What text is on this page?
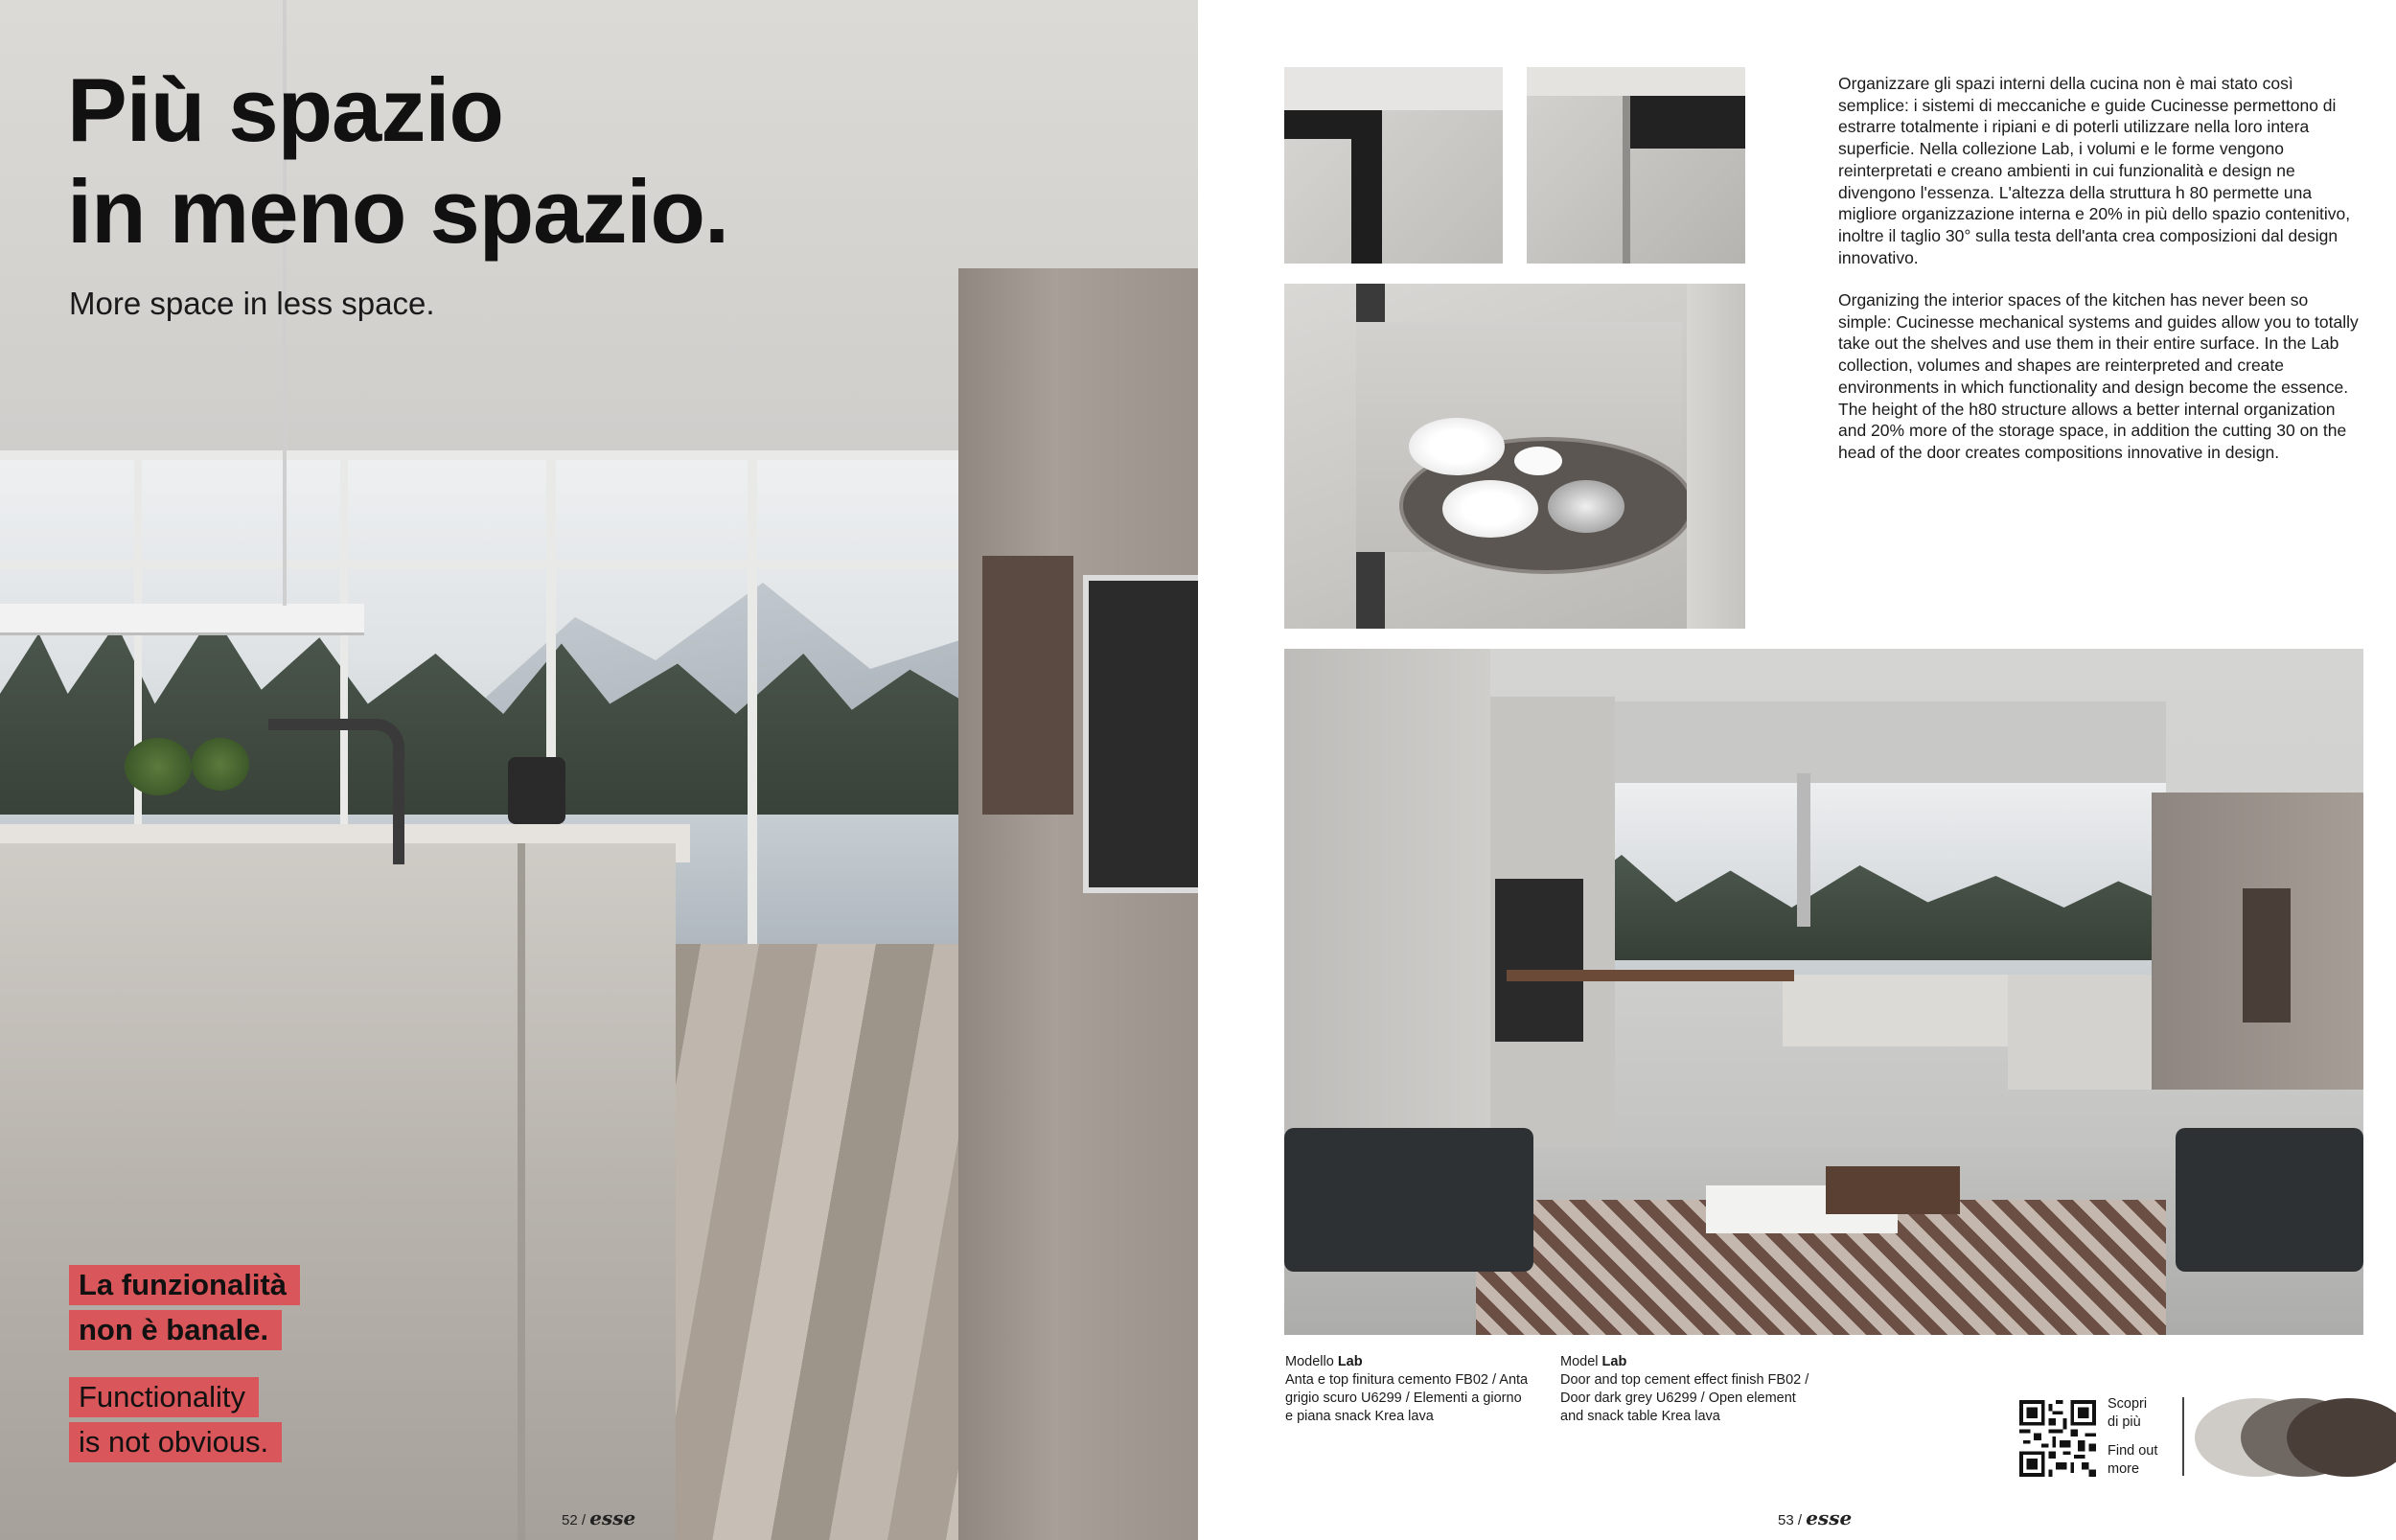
Più spazio
in meno spazio.
More space in less space.
La funzionalità
non è banale.
Functionality
is not obvious.
52 / esse
Organizzare gli spazi interni della cucina non è mai stato così semplice: i sistemi di meccaniche e guide Cucinesse permettono di estrarre totalmente i ripiani e di poterli utilizzare nella loro intera superficie. Nella collezione Lab, i volumi e le forme vengono reinterpretati e creano ambienti in cui funzionalità e design ne divengono l'essenza. L'altezza della struttura h 80 permette una migliore organizzazione interna e 20% in più dello spazio contenitivo, inoltre il taglio 30° sulla testa dell'anta crea composizioni dal design innovativo.
Organizing the interior spaces of the kitchen has never been so simple: Cucinesse mechanical systems and guides allow you to totally take out the shelves and use them in their entire surface. In the Lab collection, volumes and shapes are reinterpreted and create environments in which functionality and design become the essence. The height of the h80 structure allows a better internal organization and 20% more of the storage space, in addition the cutting 30 on the head of the door creates compositions innovative in design.
Modello Lab
Anta e top finitura cemento FB02 / Anta grigio scuro U6299 / Elementi a giorno e piana snack Krea lava
Model Lab
Door and top cement effect finish FB02 / Door dark grey U6299 / Open element and snack table Krea lava
Scopri
di più
Find out
more
53 / esse
